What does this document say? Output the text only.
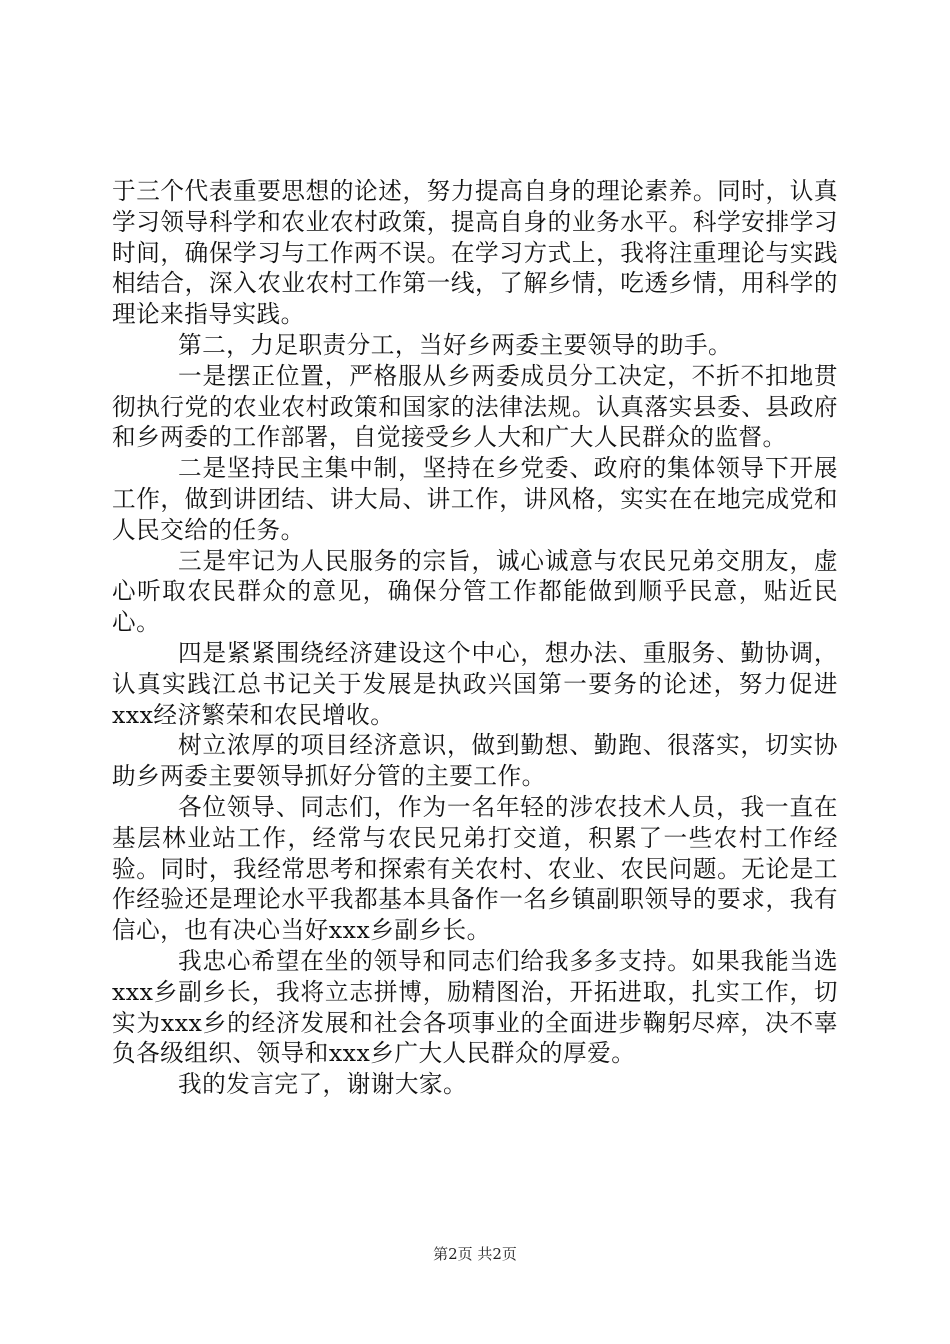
于三个代表重要思想的论述，努力提高自身的理论素养。同时，认真学习领导科学和农业农村政策，提高自身的业务水平。科学安排学习时间，确保学习与工作两不误。在学习方式上，我将注重理论与实践相结合，深入农业农村工作第一线，了解乡情，吃透乡情，用科学的理论来指导实践。

第二，力足职责分工，当好乡两委主要领导的助手。

一是摆正位置，严格服从乡两委成员分工决定，不折不扣地贯彻执行党的农业农村政策和国家的法律法规。认真落实县委、县政府和乡两委的工作部署，自觉接受乡人大和广大人民群众的监督。

二是坚持民主集中制，坚持在乡党委、政府的集体领导下开展工作，做到讲团结、讲大局、讲工作，讲风格，实实在在地完成党和人民交给的任务。

三是牢记为人民服务的宗旨，诚心诚意与农民兄弟交朋友，虚心听取农民群众的意见，确保分管工作都能做到顺乎民意，贴近民心。

四是紧紧围绕经济建设这个中心，想办法、重服务、勤协调，认真实践江总书记关于发展是执政兴国第一要务的论述，努力促进xxx经济繁荣和农民增收。

树立浓厚的项目经济意识，做到勤想、勤跑、很落实，切实协助乡两委主要领导抓好分管的主要工作。

各位领导、同志们，作为一名年轻的涉农技术人员，我一直在基层林业站工作，经常与农民兄弟打交道，积累了一些农村工作经验。同时，我经常思考和探索有关农村、农业、农民问题。无论是工作经验还是理论水平我都基本具备作一名乡镇副职领导的要求，我有信心，也有决心当好xxx乡副乡长。

我忠心希望在坐的领导和同志们给我多多支持。如果我能当选xxx乡副乡长，我将立志拼博，励精图治，开拓进取，扎实工作，切实为xxx乡的经济发展和社会各项事业的全面进步鞠躬尽瘁，决不辜负各级组织、领导和xxx乡广大人民群众的厚爱。

我的发言完了，谢谢大家。

第2页 共2页
